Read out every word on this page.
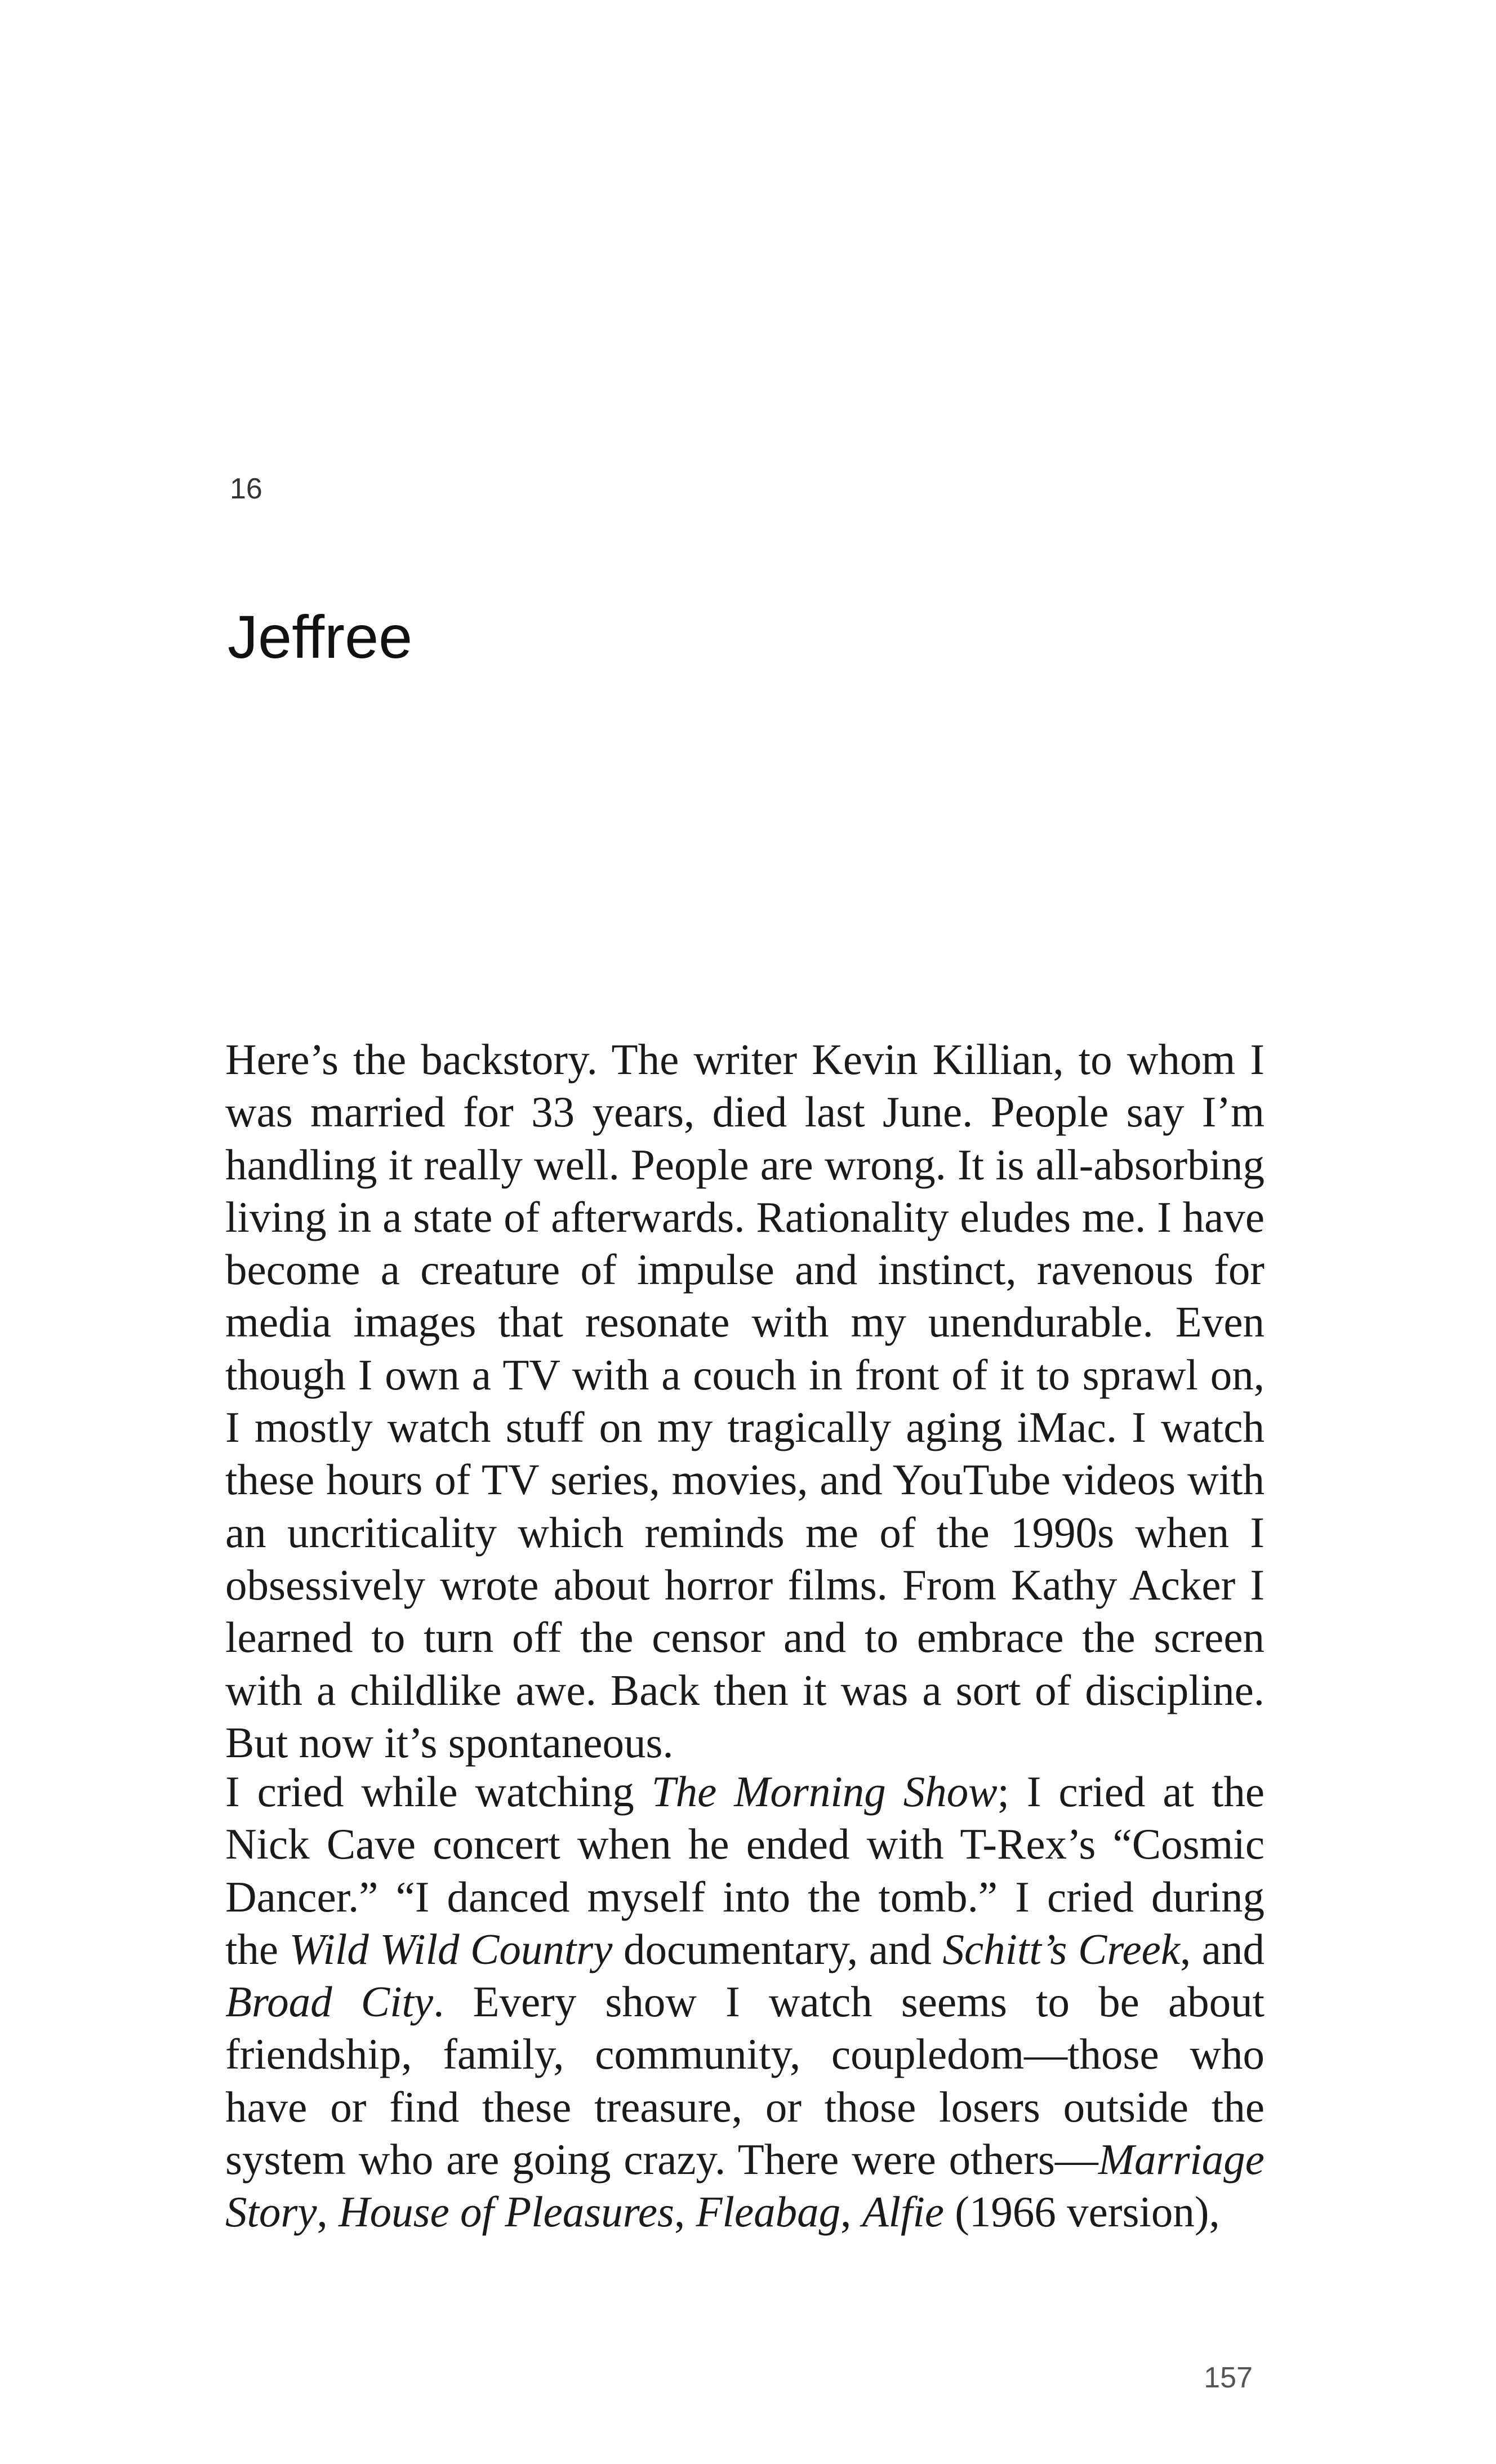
16
Jeffree

Here’s the backstory. The writer Kevin Killian, to whom I was married for 33 years, died last June. People say I’m handling it really well. People are wrong. It is all-absorbing living in a state of afterwards. Rationality eludes me. I have become a creature of impulse and instinct, ravenous for media images that resonate with my unendurable. Even though I own a TV with a couch in front of it to sprawl on, I mostly watch stuff on my tragically aging iMac. I watch these hours of TV series, movies, and YouTube videos with an uncriticality which reminds me of the 1990s when I obsessively wrote about horror films. From Kathy Acker I learned to turn off the censor and to embrace the screen with a childlike awe. Back then it was a sort of discipline. But now it’s spontaneous.

I cried while watching The Morning Show; I cried at the Nick Cave concert when he ended with T-Rex’s “Cosmic Dancer.” “I danced myself into the tomb.” I cried during the Wild Wild Country documentary, and Schitt’s Creek, and Broad City. Every show I watch seems to be about friendship, family, community, coupledom—those who have or find these treasure, or those losers outside the system who are going crazy. There were others—Marriage Story, House of Pleasures, Fleabag, Alfie (1966 version),

157
